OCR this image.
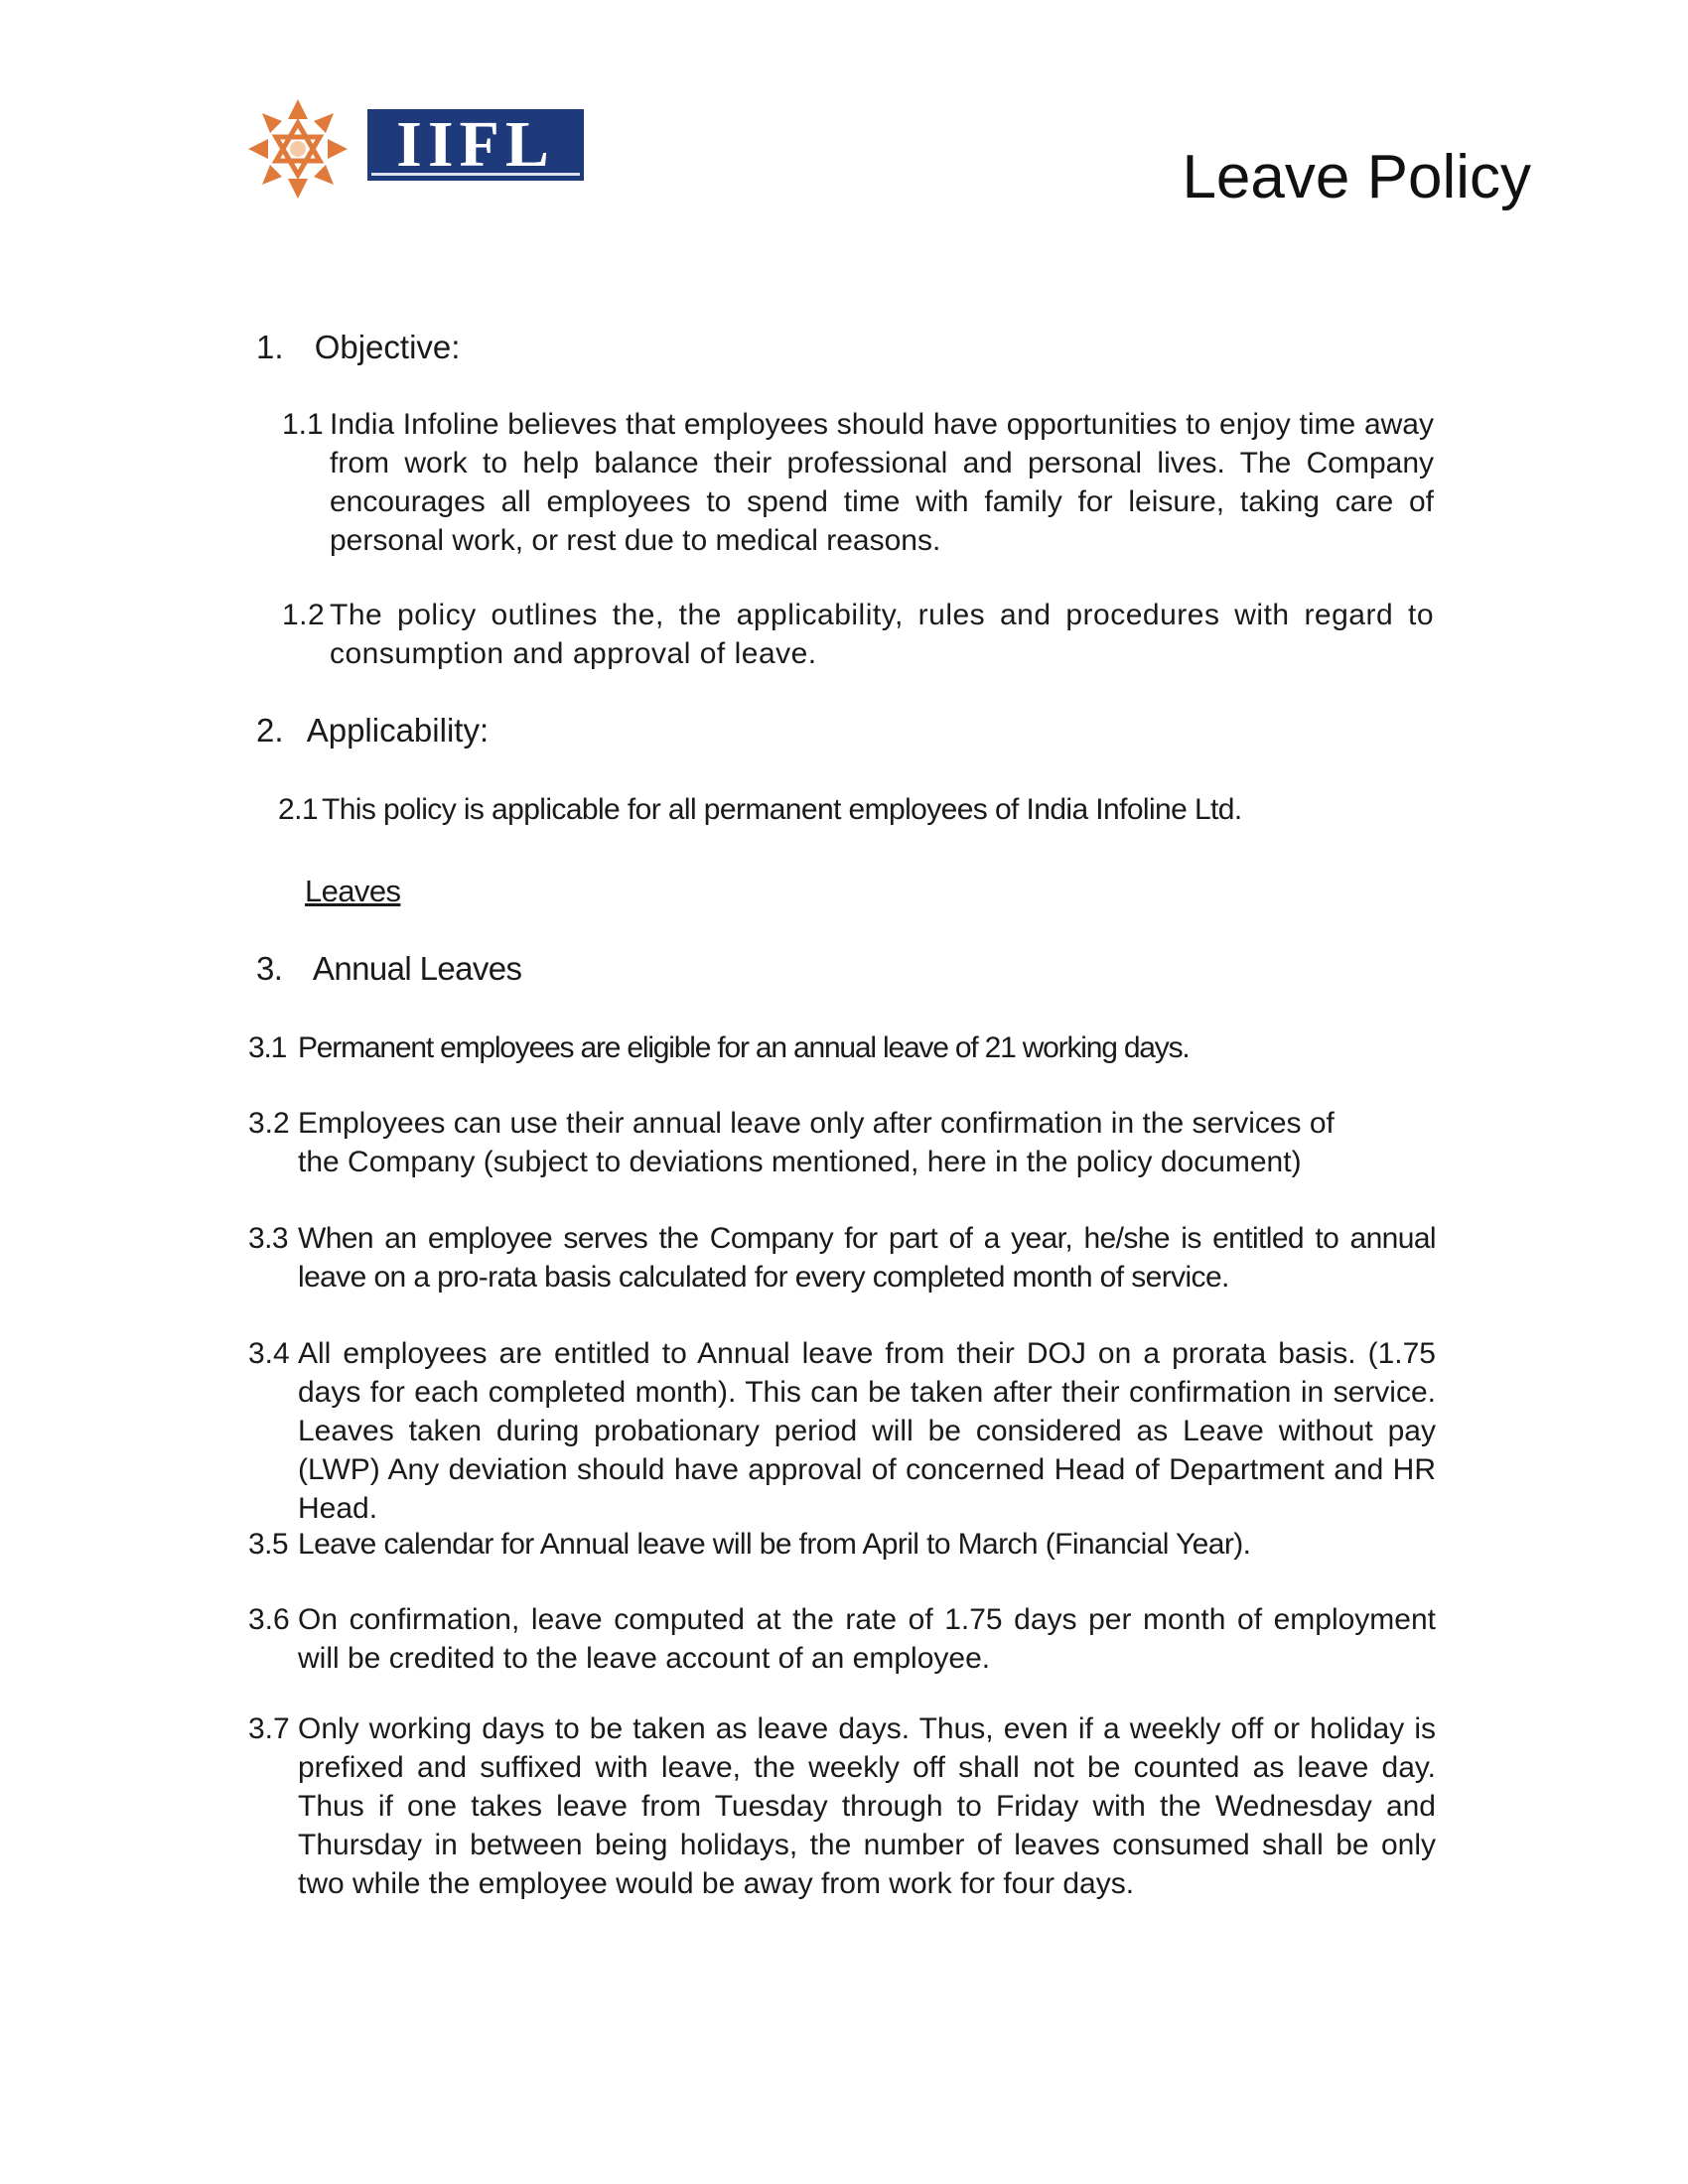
IIFL	Leave Policy
1. Objective:
1.1 India Infoline believes that employees should have opportunities to enjoy time away from work to help balance their professional and personal lives. The Company encourages all employees to spend time with family for leisure, taking care of personal work, or rest due to medical reasons.

1.2 The policy outlines the, the applicability, rules and procedures with regard to consumption and approval of leave.

2. Applicability:
2.1 This policy is applicable for all permanent employees of India Infoline Ltd.

Leaves
3. Annual Leaves
3.1 Permanent employees are eligible for an annual leave of 21 working days.

3.2 Employees can use their annual leave only after confirmation in the services of the Company (subject to deviations mentioned, here in the policy document)

3.3 When an employee serves the Company for part of a year, he/she is entitled to annual leave on a pro-rata basis calculated for every completed month of service.

3.4 All employees are entitled to Annual leave from their DOJ on a prorata basis. (1.75 days for each completed month). This can be taken after their confirmation in service. Leaves taken during probationary period will be considered as Leave without pay (LWP) Any deviation should have approval of concerned Head of Department and HR Head.

3.5 Leave calendar for Annual leave will be from April to March (Financial Year).

3.6 On confirmation, leave computed at the rate of 1.75 days per month of employment will be credited to the leave account of an employee.

3.7 Only working days to be taken as leave days. Thus, even if a weekly off or holiday is prefixed and suffixed with leave, the weekly off shall not be counted as leave day. Thus if one takes leave from Tuesday through to Friday with the Wednesday and Thursday in between being holidays, the number of leaves consumed shall be only two while the employee would be away from work for four days.
